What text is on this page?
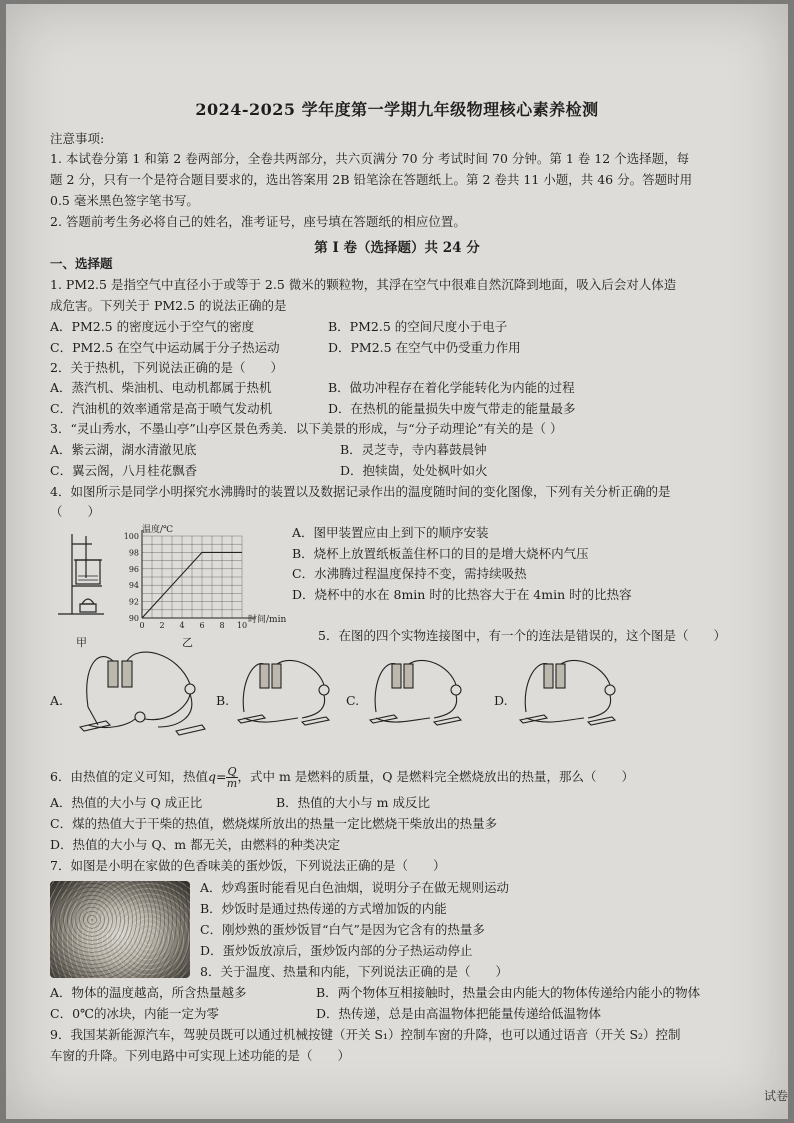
2024-2025 学年度第一学期九年级物理核心素养检测
注意事项:
1. 本试卷分第 1 和第 2 卷两部分，全卷共两部分，共六页满分 70 分 考试时间 70 分钟。第 1 卷 12 个选择题，每
题 2 分，只有一个是符合题目要求的，选出答案用 2B 铅笔涂在答题纸上。第 2 卷共 11 小题，共 46 分。答题时用
0.5 毫米黑色签字笔书写。
2. 答题前考生务必将自己的姓名，准考证号，座号填在答题纸的相应位置。
第 I 卷（选择题）共 24 分
一、选择题
1. PM2.5 是指空气中直径小于或等于 2.5 微米的颗粒物，其浮在空气中很难自然沉降到地面，吸入后会对人体造
成危害。下列关于 PM2.5 的说法正确的是
A．PM2.5 的密度远小于空气的密度	B．PM2.5 的空间尺度小于电子
C．PM2.5 在空气中运动属于分子热运动	D．PM2.5 在空气中仍受重力作用
2．关于热机，下列说法正确的是（　　）
A．蒸汽机、柴油机、电动机都属于热机	B．做功冲程存在着化学能转化为内能的过程
C．汽油机的效率通常是高于喷气发动机	D．在热机的能量损失中废气带走的能量最多
3．“灵山秀水，不墨山亭”山亭区景色秀美．以下美景的形成，与“分子动理论”有关的是（ ）
A．紫云湖，湖水清澈见底	B．灵芝寺，寺内暮鼓晨钟
C．翼云阁，八月桂花飘香	D．抱犊崮，处处枫叶如火
4．如图所示是同学小明探究水沸腾时的装置以及数据记录作出的温度随时间的变化图像，下列有关分析正确的是
（　　）
甲
0 2 4 6 8 10
90
92
94
96
98
100
温度/℃
时间/min
乙
A．图甲装置应由上到下的顺序安装
B．烧杯上放置纸板盖住杯口的目的是增大烧杯内气压
C．水沸腾过程温度保持不变，需持续吸热
D．烧杯中的水在 8min 时的比热容大于在 4min 时的比热容
5．在图的四个实物连接图中，有一个的连法是错误的，这个图是（　　）
A.	B.	C.	D.
6．由热值的定义可知，热值$q= \frac{Q}{m}$ ，式中 m 是燃料的质量，Q 是燃料完全燃烧放出的热量，那么（　　）
A．热值的大小与 Q 成正比	B．热值的大小与 m 成反比
C．煤的热值大于干柴的热值，燃烧煤所放出的热量一定比燃烧干柴放出的热量多
D．热值的大小与 Q、m 都无关，由燃料的种类决定
7．如图是小明在家做的色香味美的蛋炒饭，下列说法正确的是（　　）
A．炒鸡蛋时能看见白色油烟，说明分子在做无规则运动
B．炒饭时是通过热传递的方式增加饭的内能
C．刚炒熟的蛋炒饭冒“白气”是因为它含有的热量多
D．蛋炒饭放凉后，蛋炒饭内部的分子热运动停止
8．关于温度、热量和内能，下列说法正确的是（　　）
A．物体的温度越高，所含热量越多	B．两个物体互相接触时，热量会由内能大的物体传递给内能小的物体
C．0℃的冰块，内能一定为零	D．热传递，总是由高温物体把能量传递给低温物体
9．我国某新能源汽车，驾驶员既可以通过机械按键（开关 S₁）控制车窗的升降，也可以通过语音（开关 S₂）控制
车窗的升降。下列电路中可实现上述功能的是（　　）
试卷
